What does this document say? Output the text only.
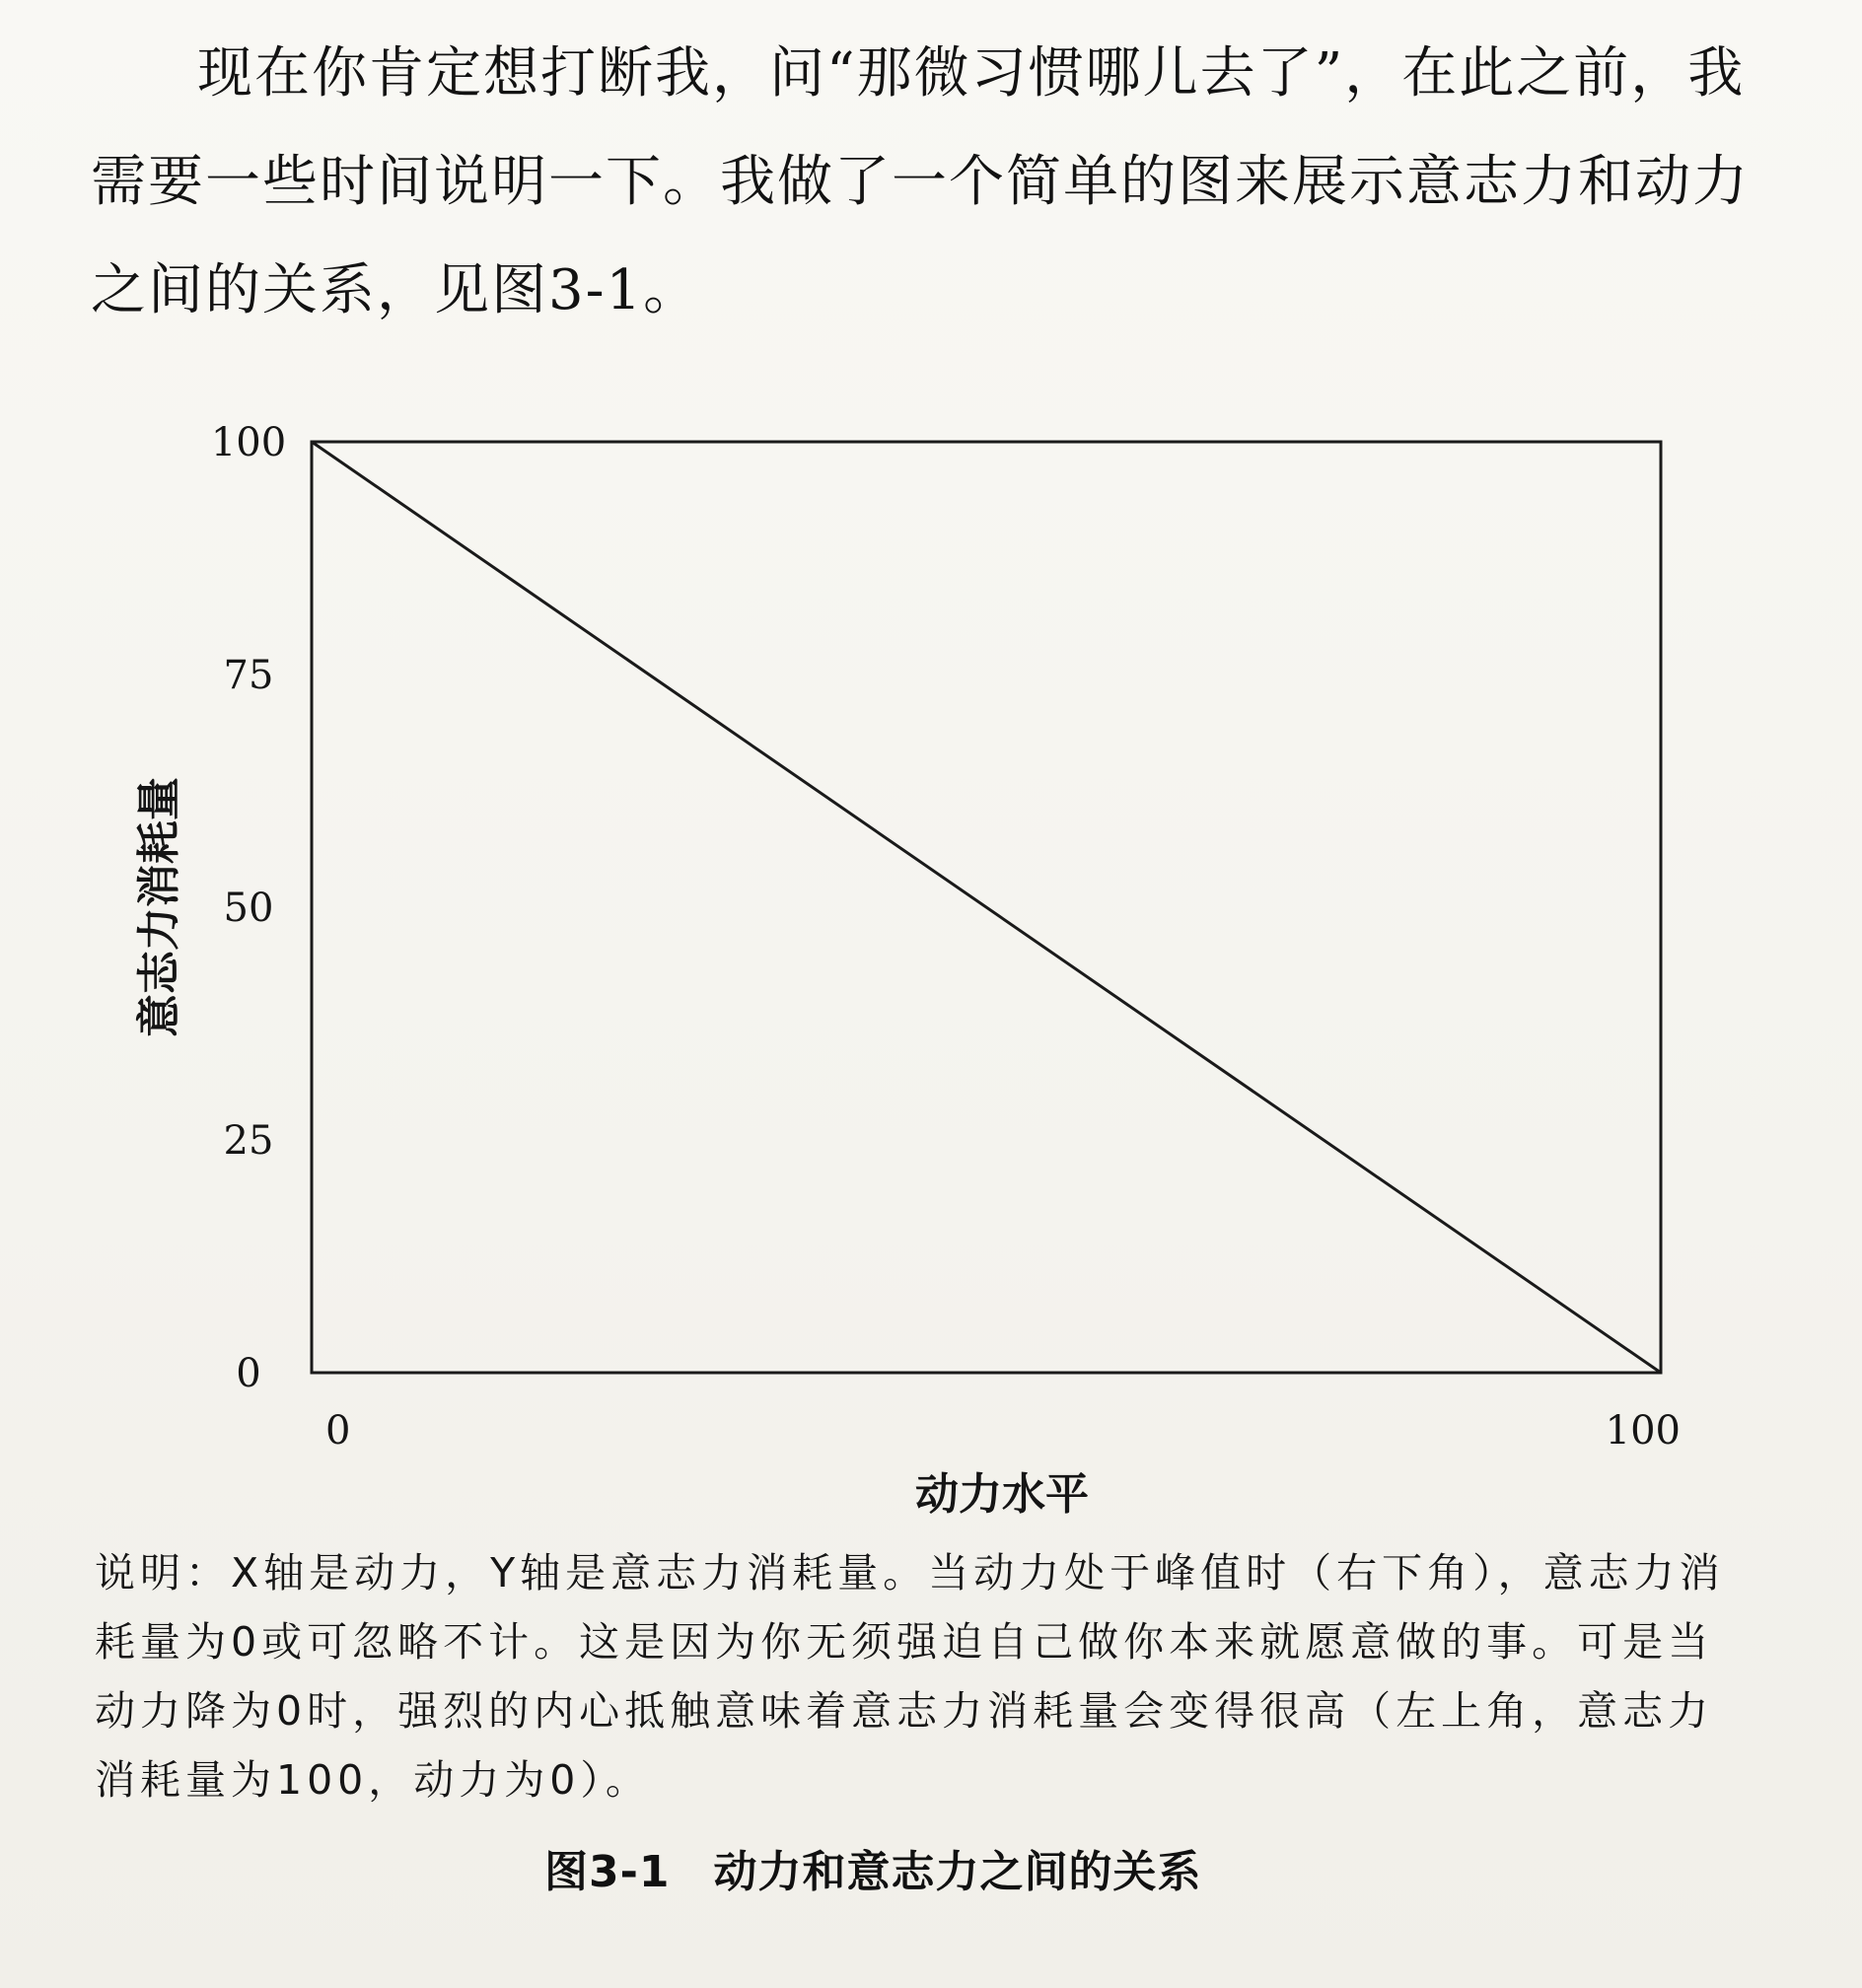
现在你肯定想打断我，问“那微习惯哪儿去了”，在此之前，我
需要一些时间说明一下。我做了一个简单的图来展示意志力和动力
之间的关系，见图3-1。
0
25
50
75
100
0	100
意志力消耗量
动力水平
说明：X轴是动力，Y轴是意志力消耗量。当动力处于峰值时（右下角），意志力消
耗量为0或可忽略不计。这是因为你无须强迫自己做你本来就愿意做的事。可是当
动力降为0时，强烈的内心抵触意味着意志力消耗量会变得很高（左上角，意志力
消耗量为100，动力为0）。
图3-1 动力和意志力之间的关系
